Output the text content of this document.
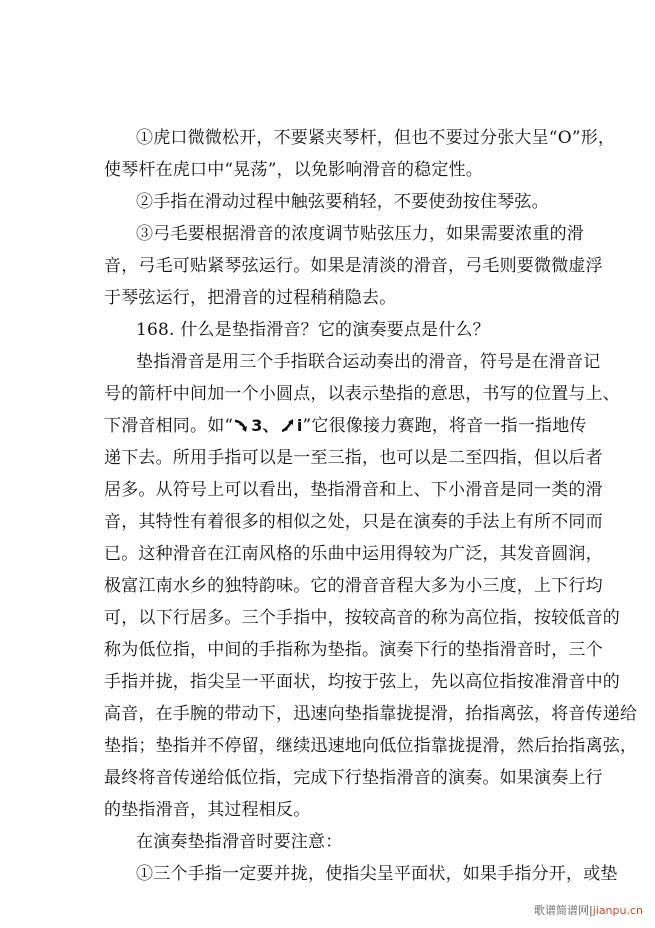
①虎口微微松开，不要紧夹琴杆，但也不要过分张大呈“O”形，
使琴杆在虎口中“晃荡”，以免影响滑音的稳定性。
②手指在滑动过程中触弦要稍轻，不要使劲按住琴弦。
③弓毛要根据滑音的浓度调节贴弦压力，如果需要浓重的滑
音，弓毛可贴紧琴弦运行。如果是清淡的滑音，弓毛则要微微虚浮
于琴弦运行，把滑音的过程稍稍隐去。
168. 什么是垫指滑音？它的演奏要点是什么？
垫指滑音是用三个手指联合运动奏出的滑音，符号是在滑音记
号的箭杆中间加一个小圆点，以表示垫指的意思，书写的位置与上、
下滑音相同。如“ 3、 i”它很像接力赛跑，将音一指一指地传
递下去。所用手指可以是一至三指，也可以是二至四指，但以后者
居多。从符号上可以看出，垫指滑音和上、下小滑音是同一类的滑
音，其特性有着很多的相似之处，只是在演奏的手法上有所不同而
已。这种滑音在江南风格的乐曲中运用得较为广泛，其发音圆润，
极富江南水乡的独特韵味。它的滑音音程大多为小三度，上下行均
可，以下行居多。三个手指中，按较高音的称为高位指，按较低音的
称为低位指，中间的手指称为垫指。演奏下行的垫指滑音时，三个
手指并拢，指尖呈一平面状，均按于弦上，先以高位指按准滑音中的
高音，在手腕的带动下，迅速向垫指靠拢提滑，抬指离弦，将音传递给
垫指；垫指并不停留，继续迅速地向低位指靠拢提滑，然后抬指离弦，
最终将音传递给低位指，完成下行垫指滑音的演奏。如果演奏上行
的垫指滑音，其过程相反。
在演奏垫指滑音时要注意：
①三个手指一定要并拢，使指尖呈平面状，如果手指分开，或垫
歌谱简谱网|jianpu.cn
